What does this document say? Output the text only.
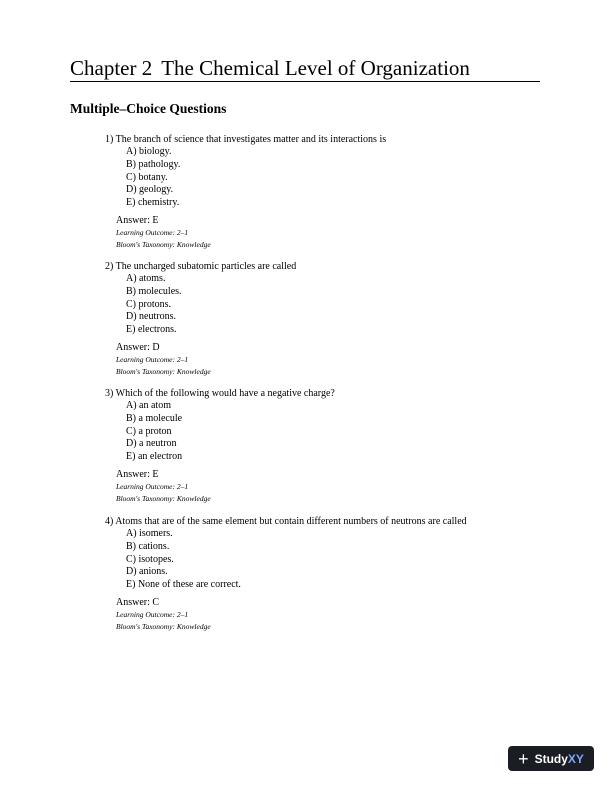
Chapter 2 The Chemical Level of Organization
Multiple–Choice Questions
1) The branch of science that investigates matter and its interactions is
A) biology.
B) pathology.
C) botany.
D) geology.
E) chemistry.
Answer: E
Learning Outcome: 2–1
Bloom's Taxonomy: Knowledge
2) The uncharged subatomic particles are called
A) atoms.
B) molecules.
C) protons.
D) neutrons.
E) electrons.
Answer: D
Learning Outcome: 2–1
Bloom's Taxonomy: Knowledge
3) Which of the following would have a negative charge?
A) an atom
B) a molecule
C) a proton
D) a neutron
E) an electron
Answer: E
Learning Outcome: 2–1
Bloom's Taxonomy: Knowledge
4) Atoms that are of the same element but contain different numbers of neutrons are called
A) isomers.
B) cations.
C) isotopes.
D) anions.
E) None of these are correct.
Answer: C
Learning Outcome: 2–1
Bloom's Taxonomy: Knowledge
+ StudyXY
